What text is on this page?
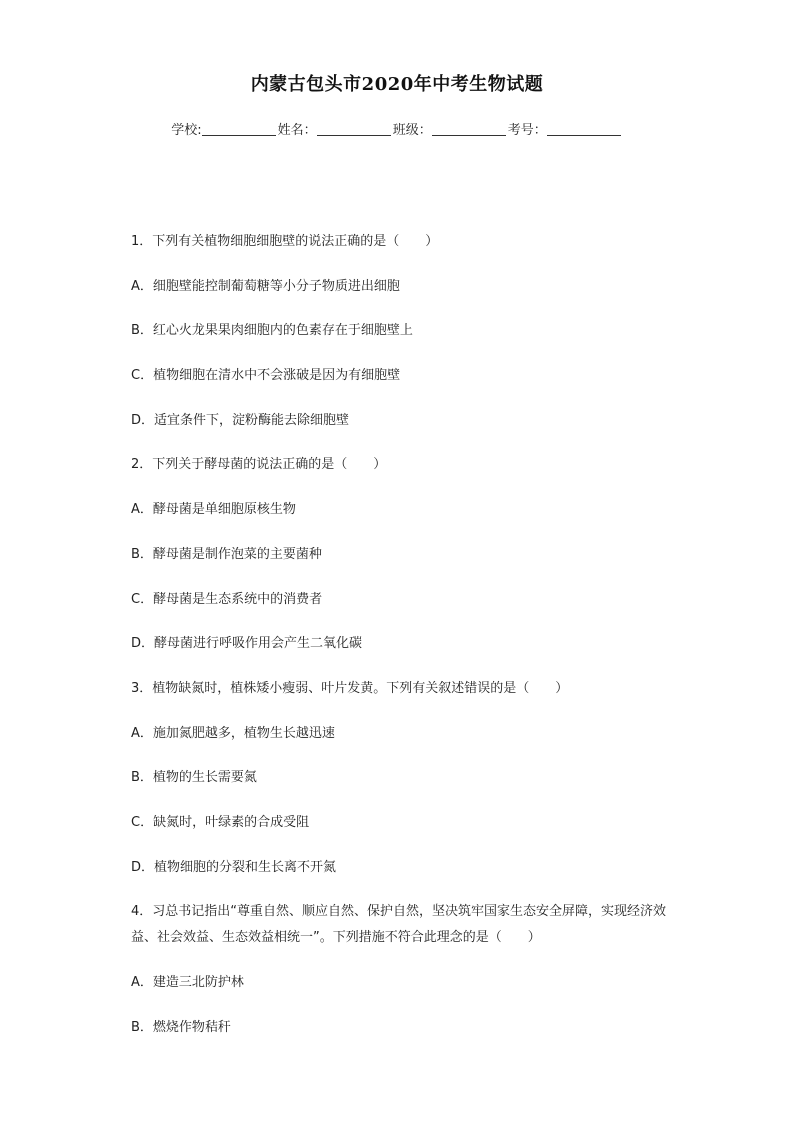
内蒙古包头市2020年中考生物试题
学校:	姓名：	班级：	考号：

1．下列有关植物细胞细胞壁的说法正确的是（　　）

A．细胞壁能控制葡萄糖等小分子物质进出细胞

B．红心火龙果果肉细胞内的色素存在于细胞壁上

C．植物细胞在清水中不会涨破是因为有细胞壁

D．适宜条件下，淀粉酶能去除细胞壁

2．下列关于酵母菌的说法正确的是（　　）

A．酵母菌是单细胞原核生物

B．酵母菌是制作泡菜的主要菌种

C．酵母菌是生态系统中的消费者

D．酵母菌进行呼吸作用会产生二氧化碳

3．植物缺氮时，植株矮小瘦弱、叶片发黄。下列有关叙述错误的是（　　）

A．施加氮肥越多，植物生长越迅速

B．植物的生长需要氮

C．缺氮时，叶绿素的合成受阻

D．植物细胞的分裂和生长离不开氮

4．习总书记指出“尊重自然、顺应自然、保护自然，坚决筑牢国家生态安全屏障，实现经济效益、社会效益、生态效益相统一”。下列措施不符合此理念的是（　　）

A．建造三北防护林

B．燃烧作物秸秆
